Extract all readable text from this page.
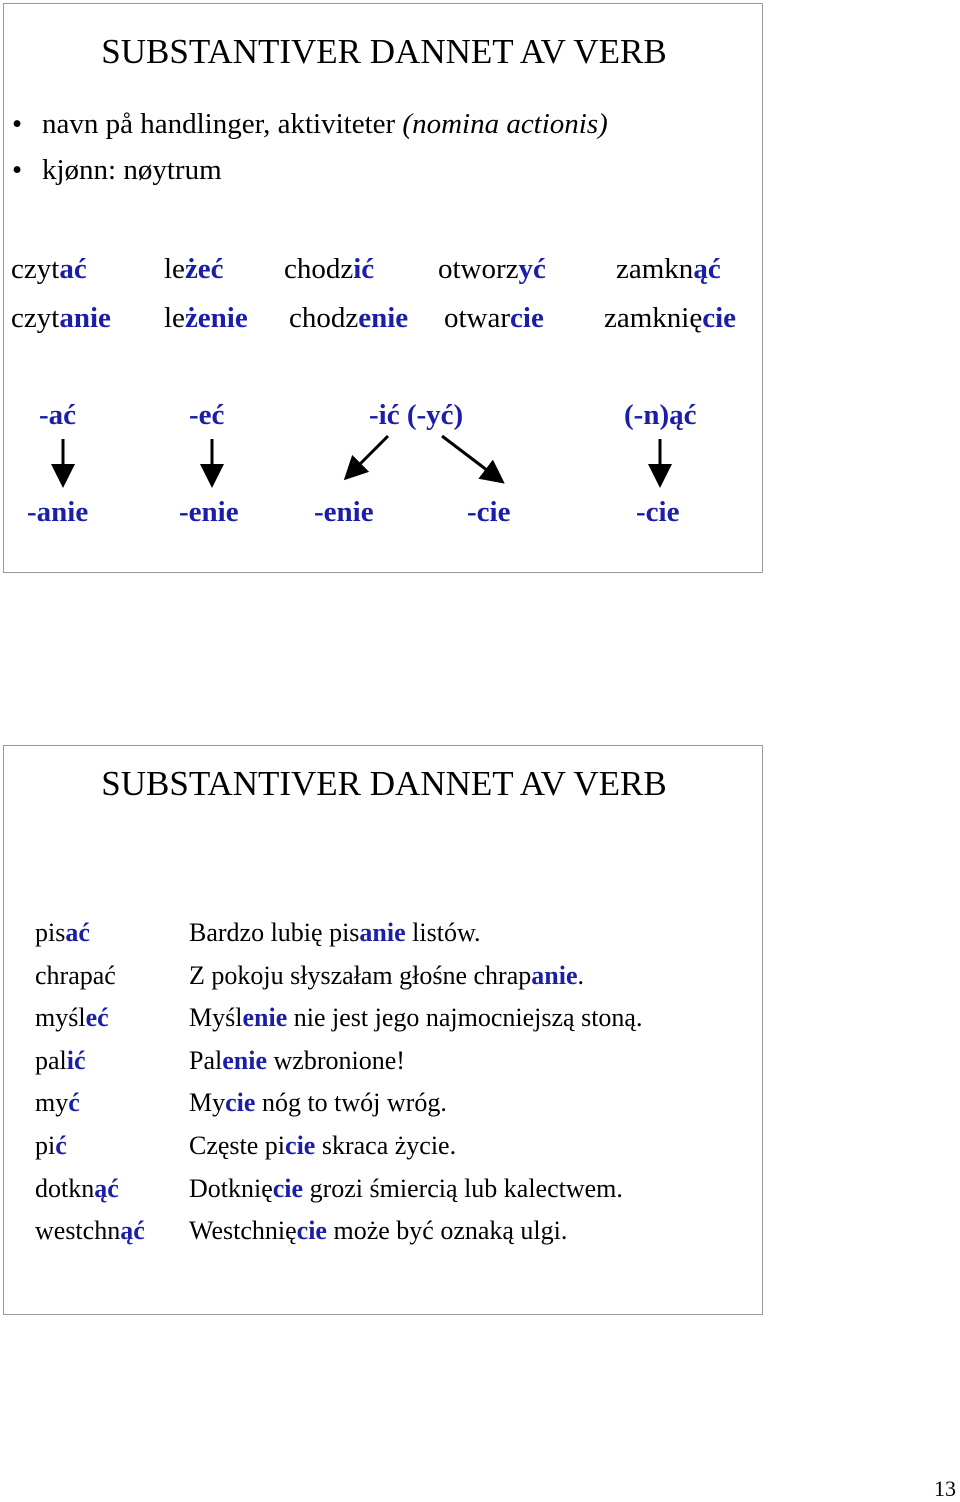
SUBSTANTIVER DANNET AV VERB
• navn på handlinger, aktiviteter (nomina actionis)
• kjønn: nøytrum
czytać	leżeć chodzić otworzyć zamknąć
czytanie leżenie chodzenie otwarcie zamknięcie
-ać	-eć	-ić (-yć)	(-n)ąć
-anie	-enie	-enie	-cie	-cie
SUBSTANTIVER DANNET AV VERB
pisać	Bardzo lubię pisanie listów.
chrapać	Z pokoju słyszałam głośne chrapanie.
myśleć	Myślenie nie jest jego najmocniejszą stoną.
palić	Palenie wzbronione!
myć	Mycie nóg to twój wróg.
pić	Częste picie skraca życie.
dotknąć	Dotknięcie grozi śmiercią lub kalectwem.
westchnąć Westchnięcie może być oznaką ulgi.
13
